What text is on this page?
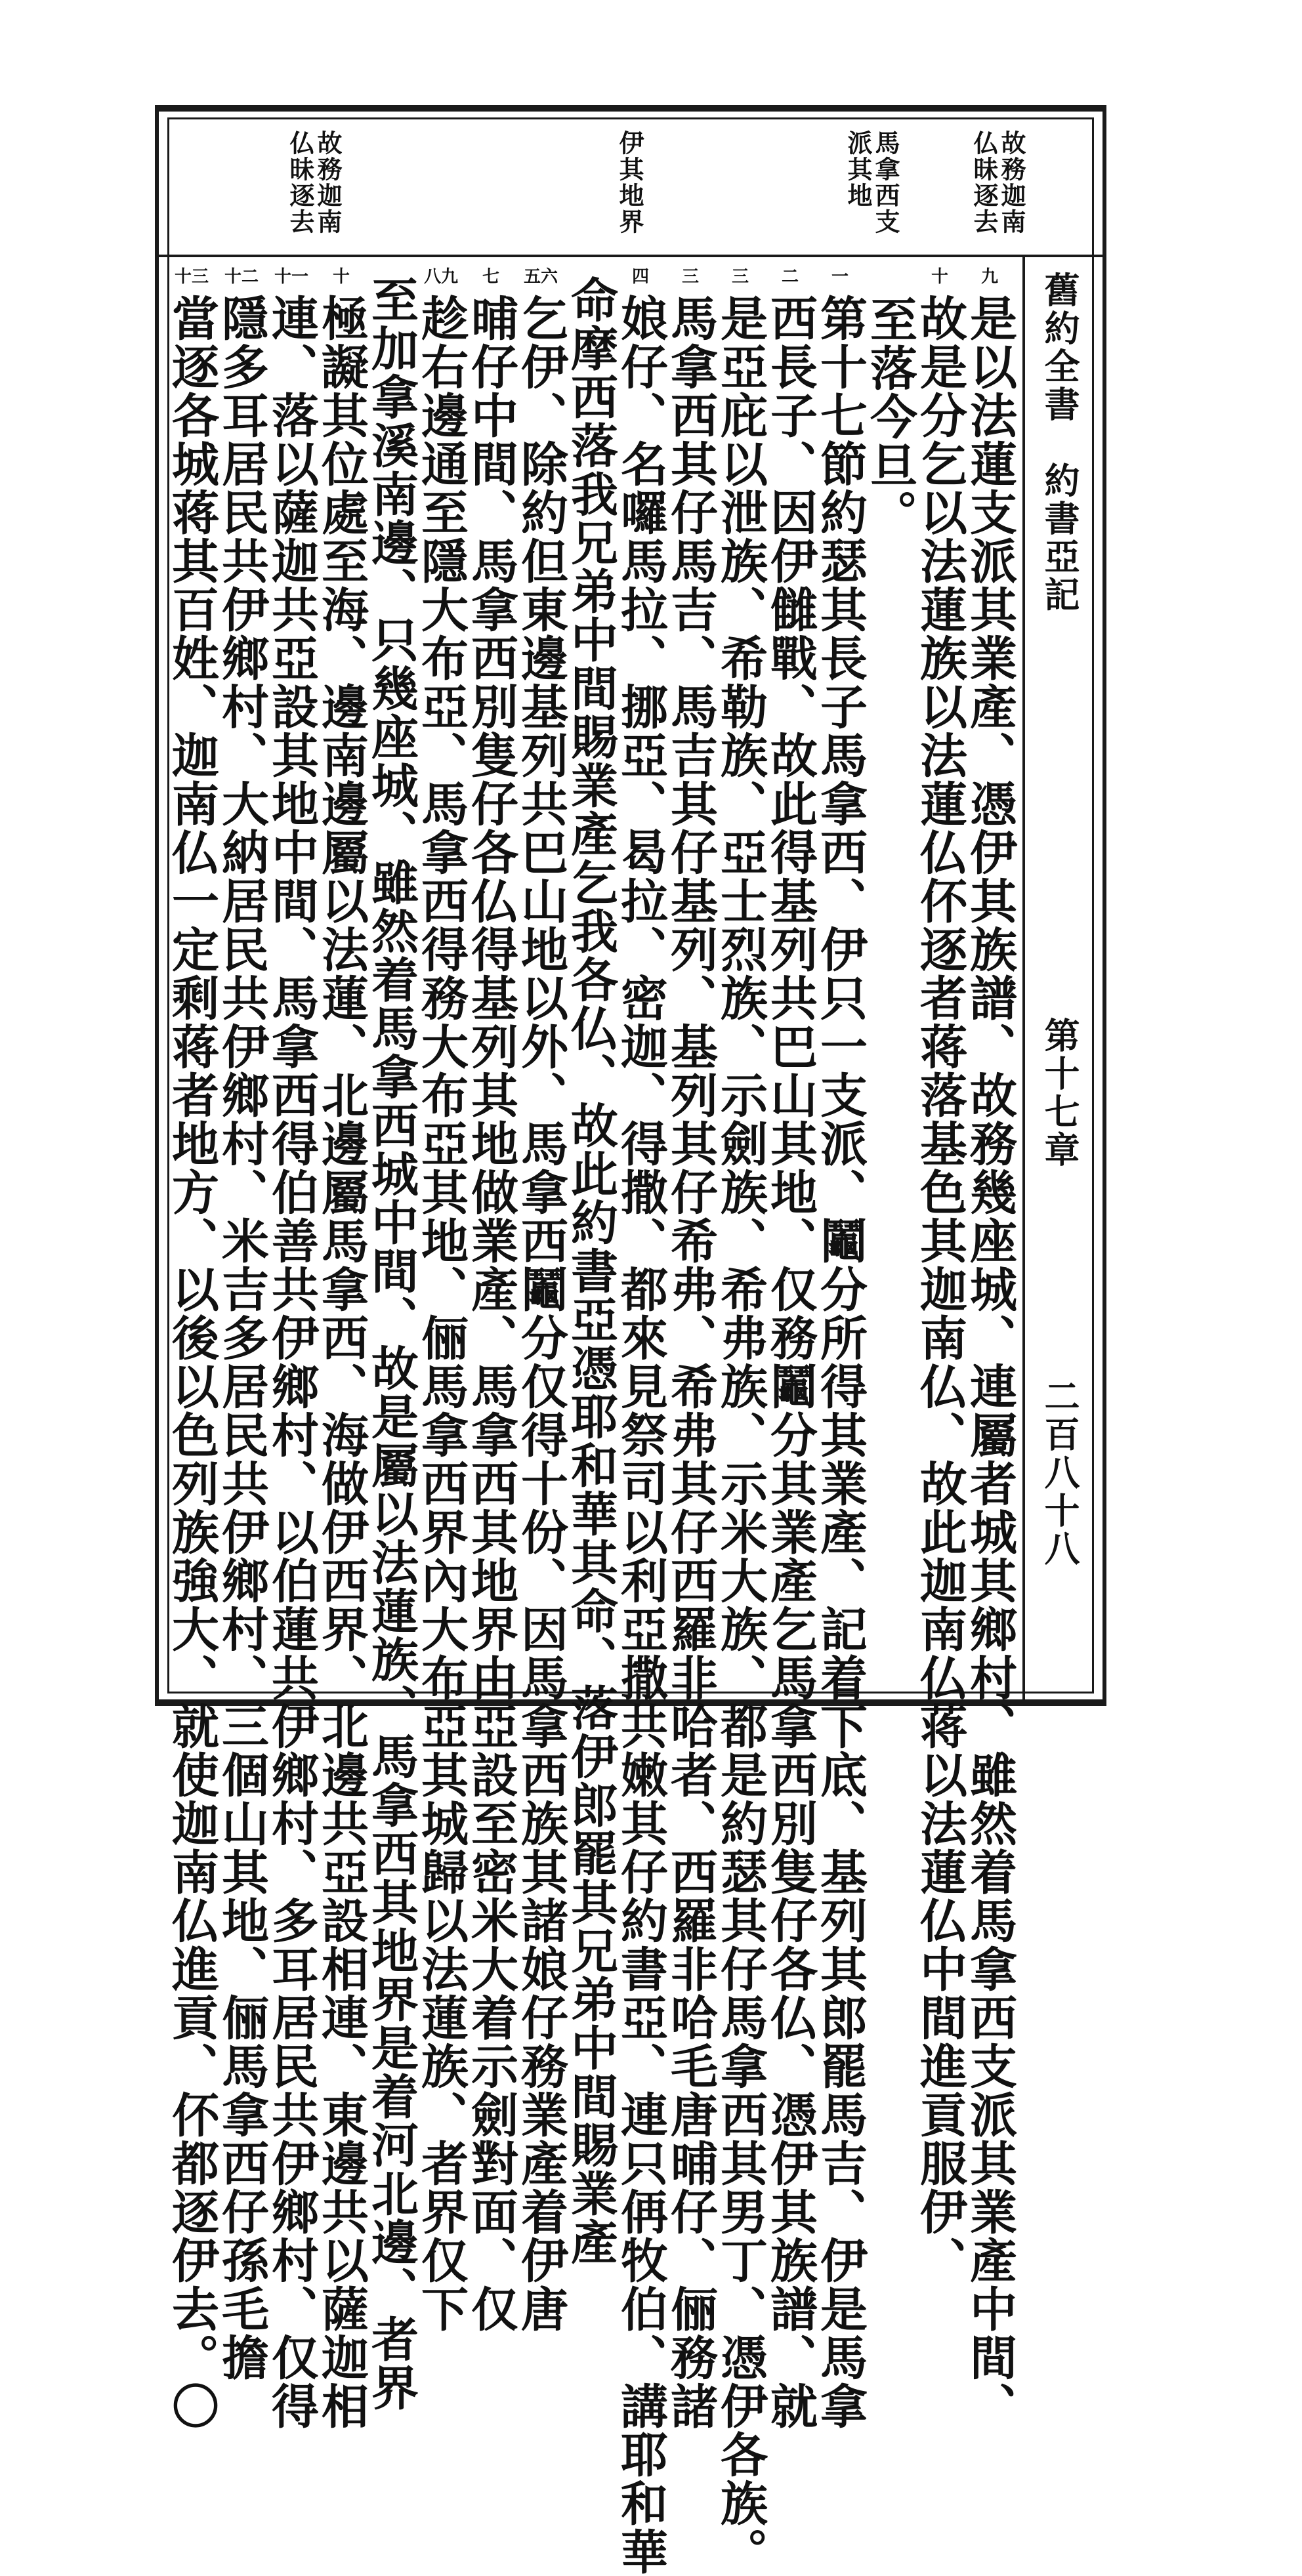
故務迦南仏昧逐去
馬拿西支派其地
伊其地界
故務迦南仏昧逐去
舊約全書　約書亞記
第十七章
二百八十八
九
是以法蓮支派其業產、憑伊其族譜、故務幾座城、連屬者城其鄉村、雖然着馬拿西支派其業產中間、
十
故是分乞以法蓮族以法蓮仏伓逐者蒋落基色其迦南仏、故此迦南仏蒋以法蓮仏中間進貢服伊、
至落今旦。
一
第十七節約瑟其長子馬拿西、伊只一支派、鬮分所得其業產、記着下底、基列其郎罷馬吉、伊是馬拿
二
西長子、因伊雠戰、故此得基列共巴山其地、仅務鬮分其業產乞馬拿西別隻仔各仏、憑伊其族譜、就
三
是亞庇以泄族、希勒族、亞士烈族、示劍族、希弗族、示米大族、都是約瑟其仔馬拿西其男丁、憑伊各族。
三
馬拿西其仔馬吉、馬吉其仔基列、基列其仔希弗、希弗其仔西羅非哈者、西羅非哈毛唐晡仔、俪務諸
四
娘仔、名囉馬拉、挪亞、曷拉、密迦、得撒、都來見祭司以利亞撒共嫩其仔約書亞、連只侢牧伯、講耶和華
命摩西落我兄弟中間賜業產乞我各仏、故此約書亞憑耶和華其命、落伊郎罷其兄弟中間賜業產
五六
乞伊、除約但東邊基列共巴山地以外、馬拿西鬮分仅得十份、因馬拿西族其諸娘仔務業產着伊唐
七
晡仔中間、馬拿西別隻仔各仏得基列其地做業產、馬拿西其地界由亞設至密米大着示劍對面、仅
八九
趁右邊通至隱大布亞、馬拿西得務大布亞其地、俪馬拿西界內大布亞其城歸以法蓮族、者界仅下
至加拿溪南邊、只幾座城、雖然着馬拿西城中間、故是屬以法蓮族、馬拿西其地界是着河北邊、者界
十
極譺其位處至海、邊南邊屬以法蓮、北邊屬馬拿西、海做伊西界、北邊共亞設相連、東邊共以薩迦相
十一
連、落以薩迦共亞設其地中間、馬拿西得伯善共伊鄉村、以伯蓮共伊鄉村、多耳居民共伊鄉村、仅得
十二
隱多耳居民共伊鄉村、大納居民共伊鄉村、米吉多居民共伊鄉村、三個山其地、俪馬拿西仔孫毛擔
十三
當逐各城蒋其百姓、迦南仏一定剩蒋者地方、以後以色列族強大、就使迦南仏進貢、伓都逐伊去。〇
